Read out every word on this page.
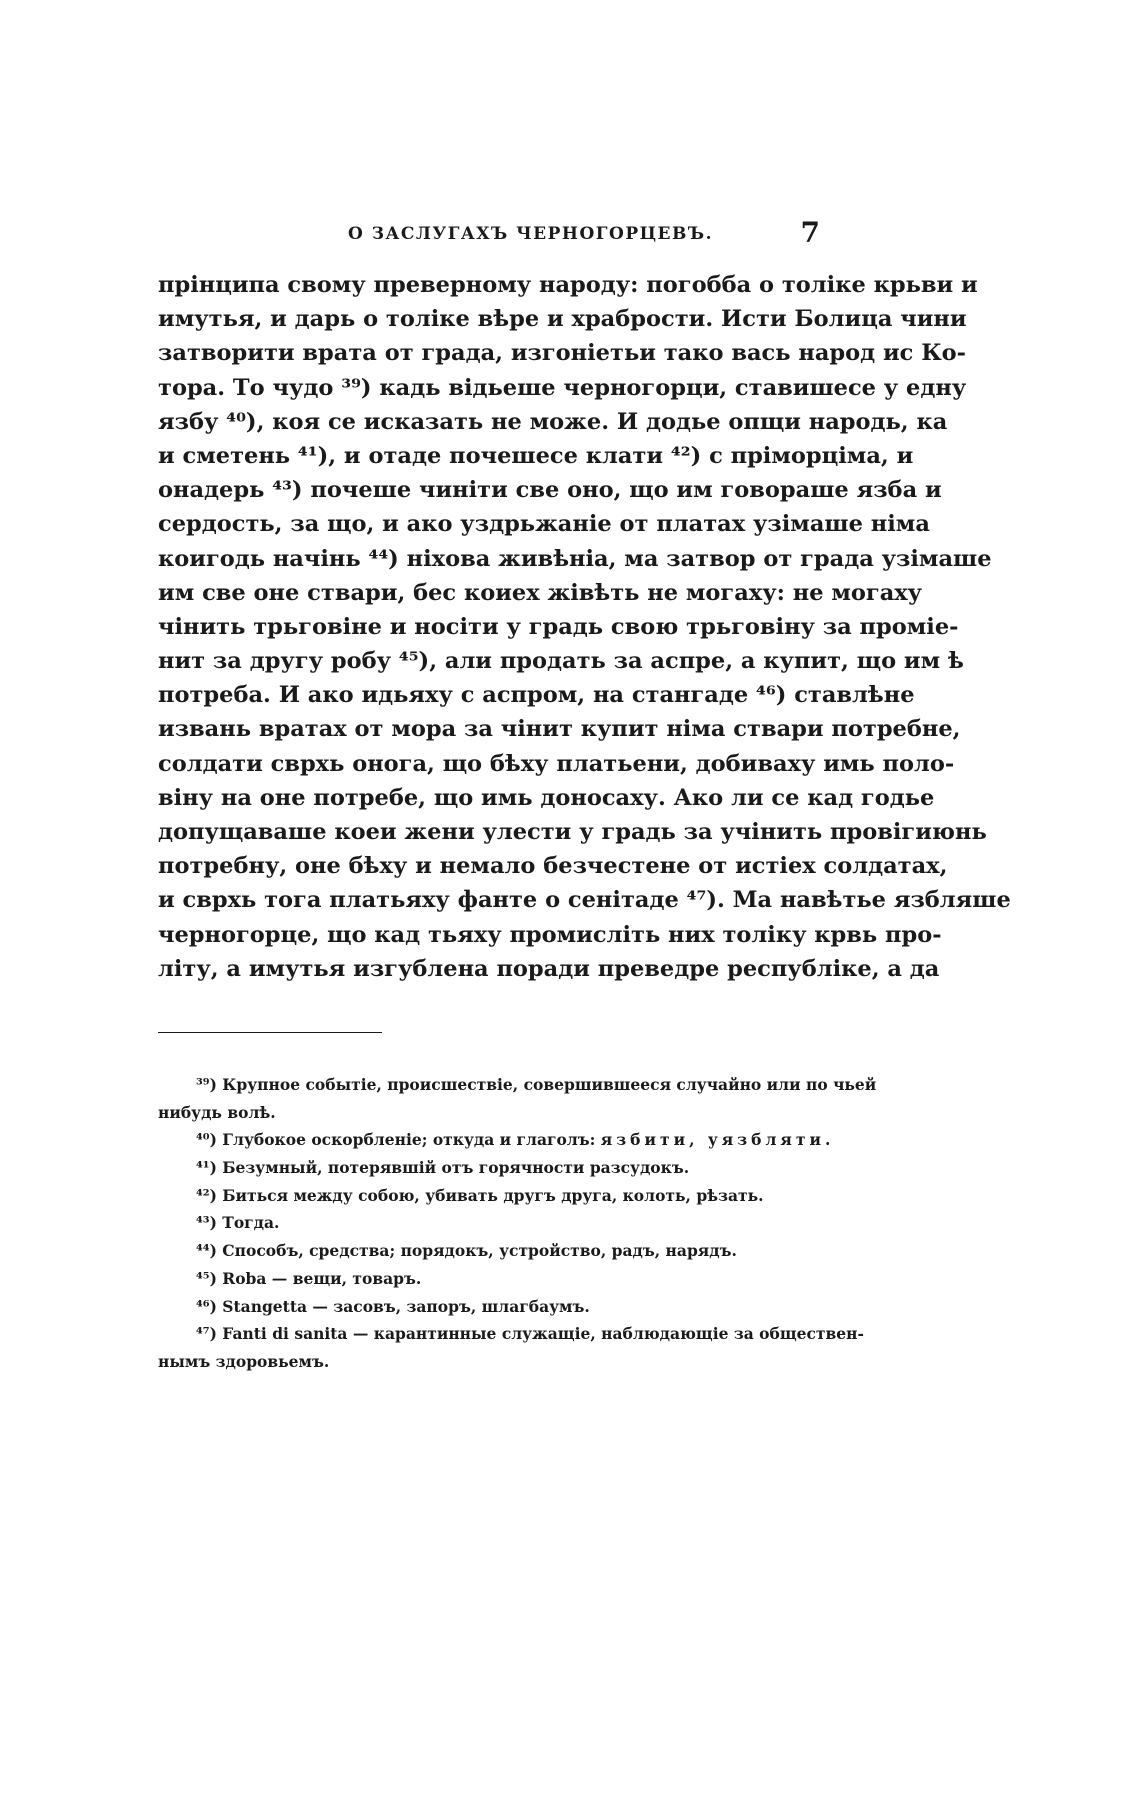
О ЗАСЛУГАХЪ ЧЕРНОГОРЦЕВЪ.	7
прінципа свому преверному народу: погобба о толіке крьви и
имутья, и дарь о толіке вѣре и храбрости. Исти Болица чини
затворити врата от града, изгоніетьи тако вась народ ис Ко-
тора. То чудо ³⁹) кадь відьеше черногорци, ставишесе у едну
язбу ⁴⁰), коя се исказать не може. И додье опщи народь, ка
и сметень ⁴¹), и отаде почешесе клати ⁴²) с пріморціма, и
онадерь ⁴³) почеше чиніти све оно, що им говораше язба и
сердость, за що, и ако уздрьжаніе от платах узімаше німа
коигодь начінь ⁴⁴) ніхова живѣніа, ма затвор от града узімаше
им све оне ствари, бес коиех жівѣть не могаху: не могаху
чінить трьговіне и носіти у градь свою трьговіну за проміе-
нит за другу робу ⁴⁵), али продать за аспре, а купит, що им ѣ
потреба. И ако идьяху с аспром, на стангаде ⁴⁶) ставлѣне
извань вратах от мора за чінит купит німа ствари потребне,
солдати сврхь онога, що бѣху платьени, добиваху имь поло-
віну на оне потребе, що имь доносаху. Ако ли се кад годье
допущаваше коеи жени улести у градь за учінить провігиюнь
потребну, оне бѣху и немало безчестене от истіех солдатах,
и сврхь тога платьяху фанте о сенітаде ⁴⁷). Ма навѣтье язбляше
черногорце, що кад тьяху промислiть них толіку крвь про-
літу, а имутья изгублена поради преведре республіке, а да
³⁹) Крупное событіе, происшествіе, совершившееся случайно или по чьей
нибудь волѣ.
⁴⁰) Глубокое оскорбленіе; откуда и глаголъ: язбити, уязбляти.
⁴¹) Безумный, потерявшій отъ горячности разсудокъ.
⁴²) Биться между собою, убивать другъ друга, колоть, рѣзать.
⁴³) Тогда.
⁴⁴) Способъ, средства; порядокъ, устройство, радъ, нарядъ.
⁴⁵) Roba — вещи, товаръ.
⁴⁶) Stangetta — засовъ, запоръ, шлагбаумъ.
⁴⁷) Fanti di sanita — карантинные служащіе, наблюдающіе за обществен-
нымъ здоровьемъ.
